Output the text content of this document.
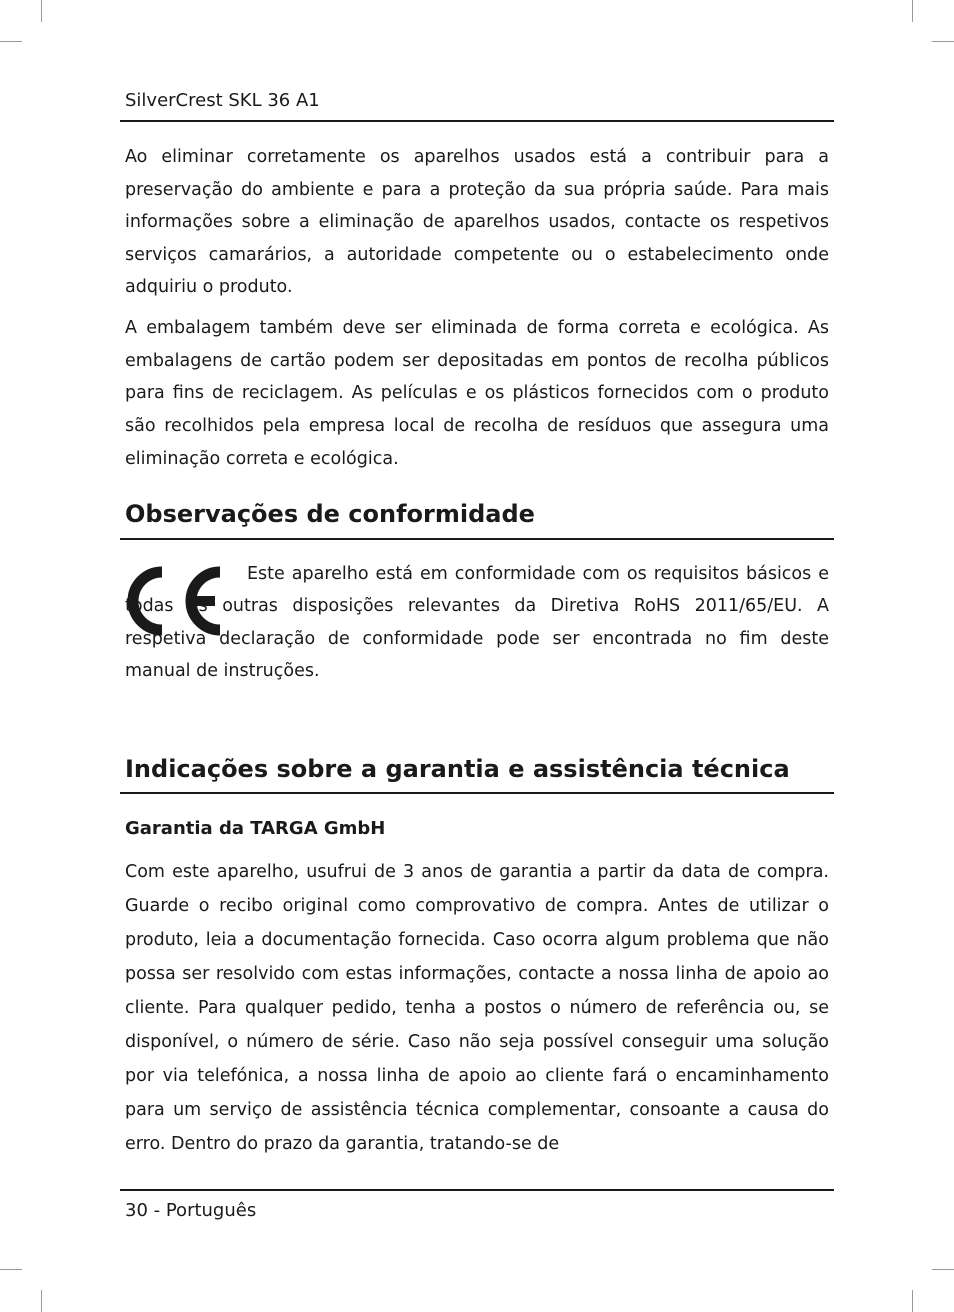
SilverCrest SKL 36 A1

Ao eliminar corretamente os aparelhos usados está a contribuir para a preservação do ambiente e para a proteção da sua própria saúde. Para mais informações sobre a eliminação de aparelhos usados, contacte os respetivos serviços camarários, a autoridade competente ou o estabelecimento onde adquiriu o produto.

A embalagem também deve ser eliminada de forma correta e ecológica. As embalagens de cartão podem ser depositadas em pontos de recolha públicos para fins de reciclagem. As películas e os plásticos fornecidos com o produto são recolhidos pela empresa local de recolha de resíduos que assegura uma eliminação correta e ecológica.

Observações de conformidade

Este aparelho está em conformidade com os requisitos básicos e todas as outras disposições relevantes da Diretiva RoHS 2011/65/EU. A respetiva declaração de conformidade pode ser encontrada no fim deste manual de instruções.

Indicações sobre a garantia e assistência técnica
Garantia da TARGA GmbH

Com este aparelho, usufrui de 3 anos de garantia a partir da data de compra. Guarde o recibo original como comprovativo de compra. Antes de utilizar o produto, leia a documentação fornecida. Caso ocorra algum problema que não possa ser resolvido com estas informações, contacte a nossa linha de apoio ao cliente. Para qualquer pedido, tenha a postos o número de referência ou, se disponível, o número de série. Caso não seja possível conseguir uma solução por via telefónica, a nossa linha de apoio ao cliente fará o encaminhamento para um serviço de assistência técnica complementar, consoante a causa do erro. Dentro do prazo da garantia, tratando-se de

30 - Português
